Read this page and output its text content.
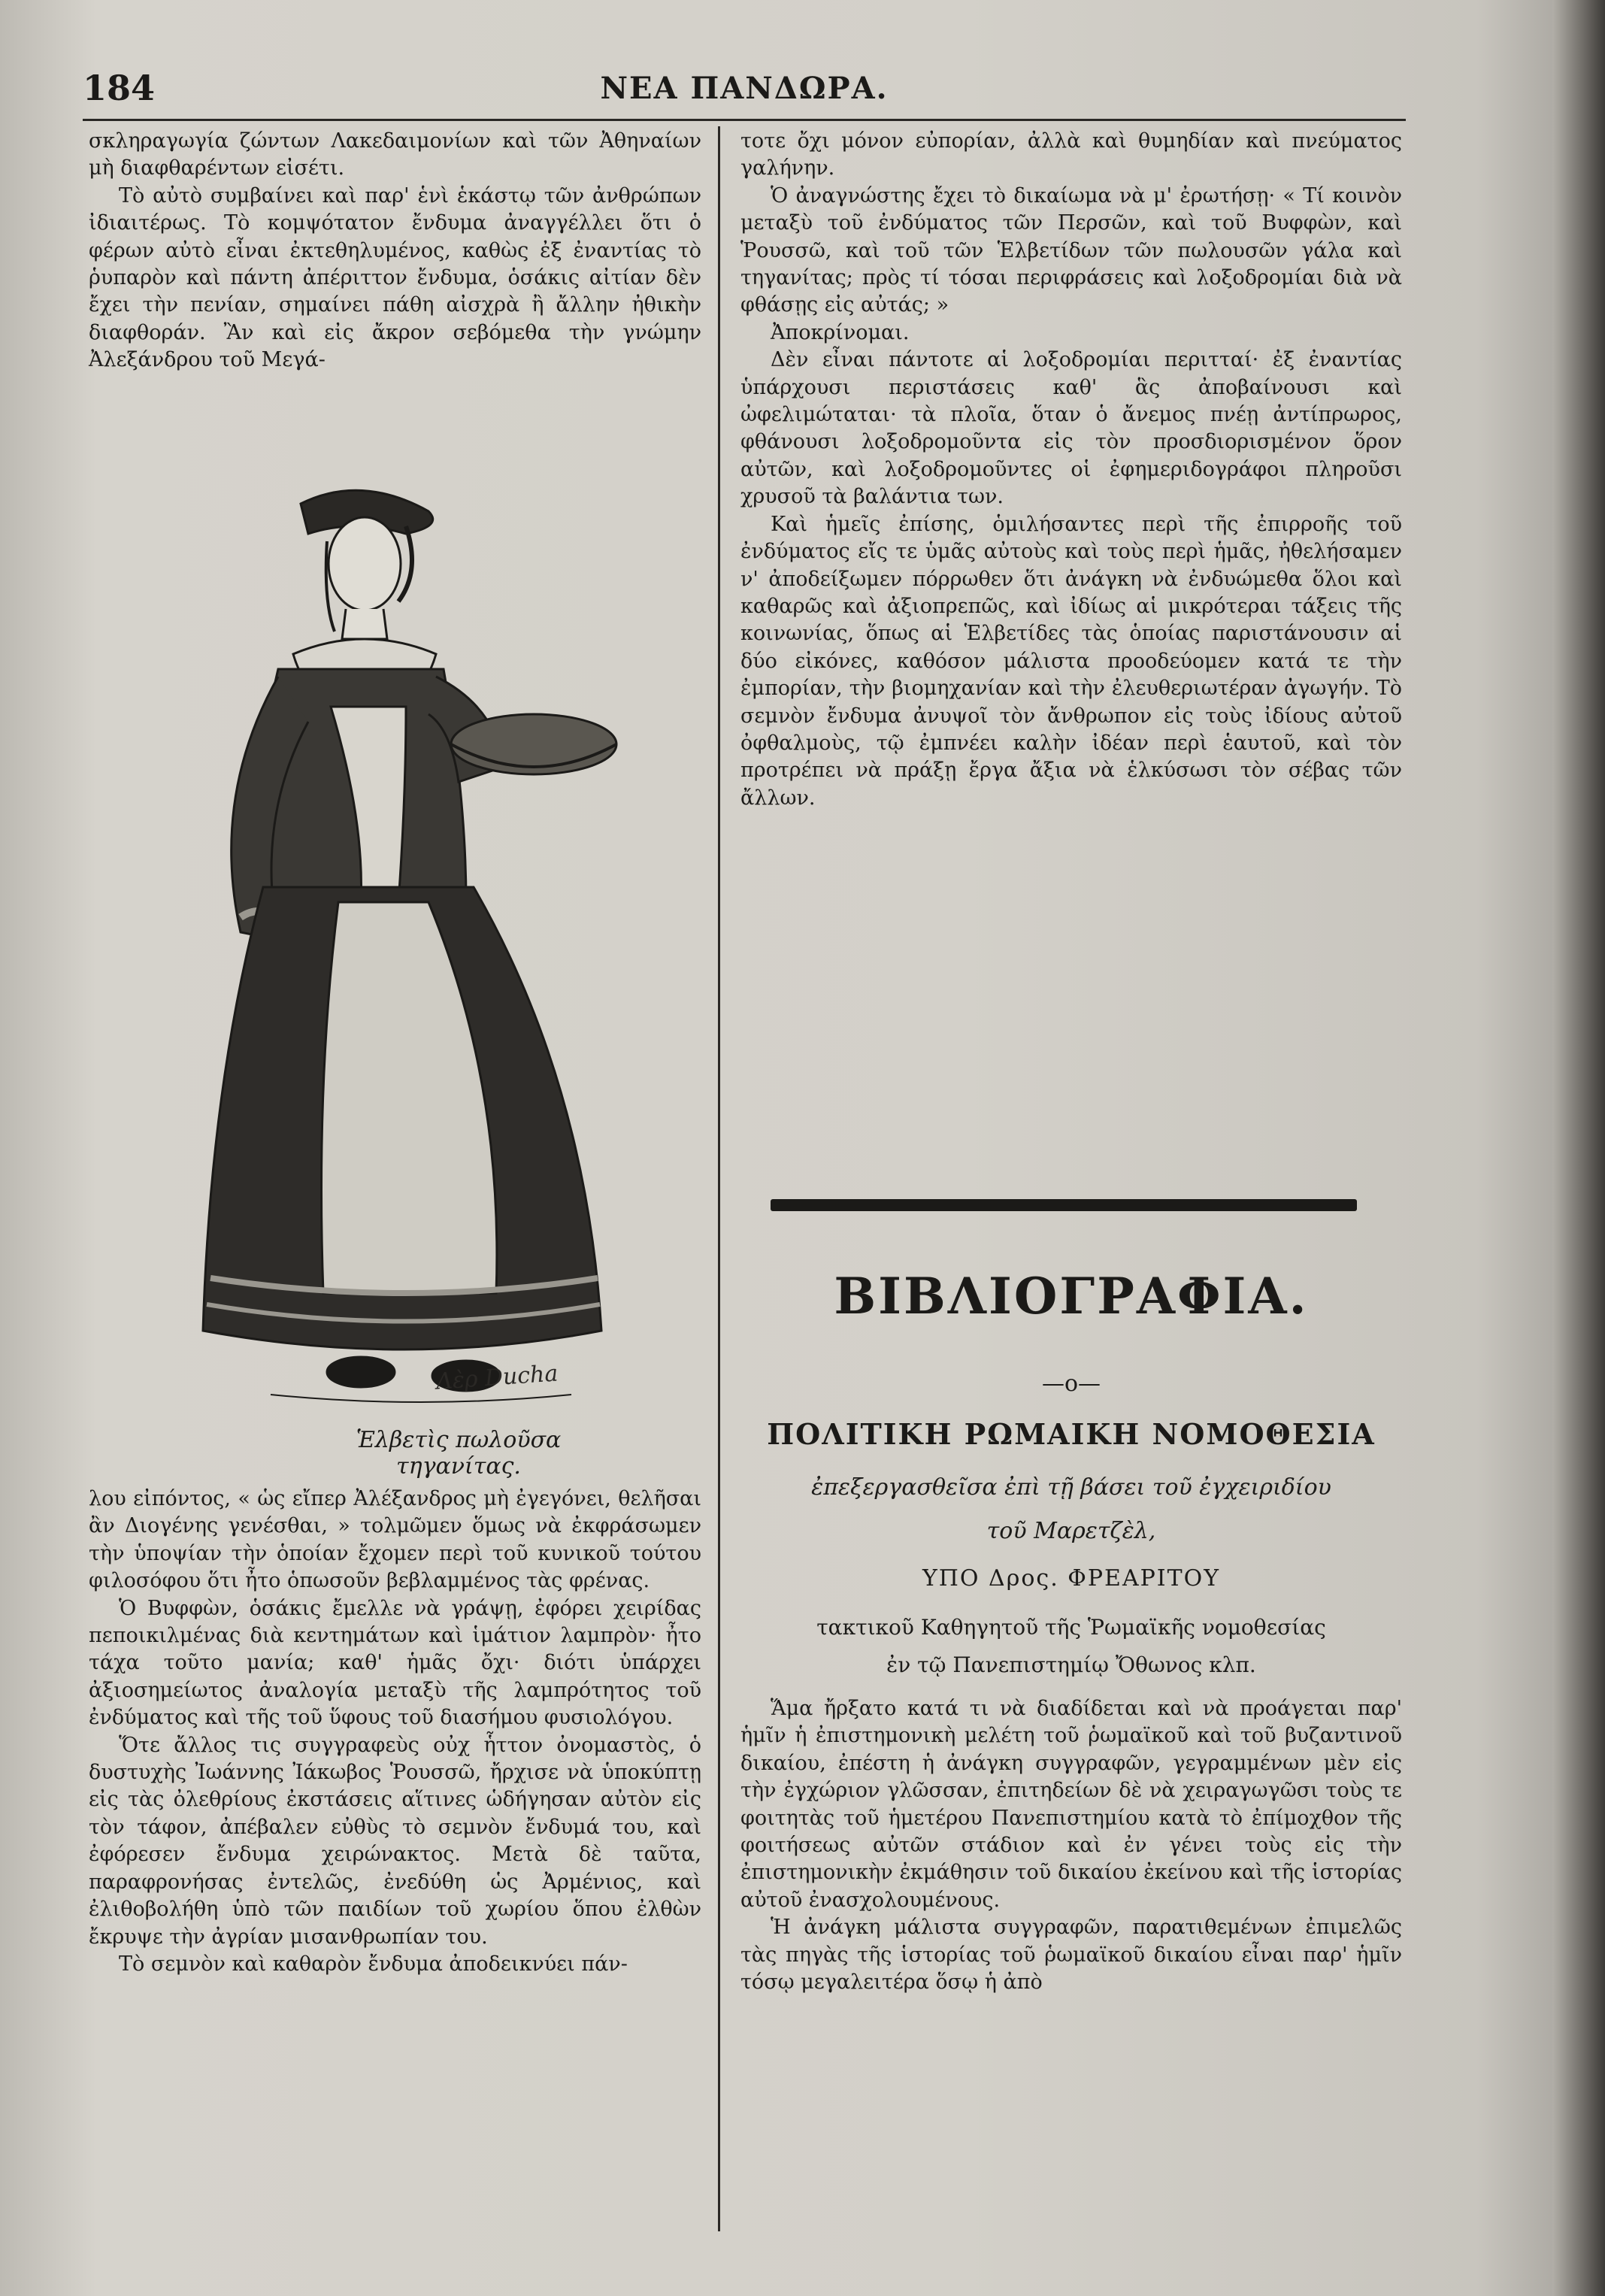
184	ΝΕΑ ΠΑΝΔΩΡΑ.

σκληραγωγία ζώντων Λακεδαιμονίων καὶ τῶν Ἀθηναίων μὴ διαφθαρέντων εἰσέτι.

Τὸ αὐτὸ συμβαίνει καὶ παρ' ἑνὶ ἑκάστῳ τῶν ἀνθρώπων ἰδιαιτέρως. Τὸ κομψότατον ἔνδυμα ἀναγγέλλει ὅτι ὁ φέρων αὐτὸ εἶναι ἐκτεθηλυμένος, καθὼς ἐξ ἐναντίας τὸ ῥυπαρὸν καὶ πάντη ἀπέριττον ἔνδυμα, ὁσάκις αἰτίαν δὲν ἔχει τὴν πενίαν, σημαίνει πάθη αἰσχρὰ ἢ ἄλλην ἠθικὴν διαφθοράν. Ἂν καὶ εἰς ἄκρον σεβόμεθα τὴν γνώμην Ἀλεξάνδρου τοῦ Μεγά-

Λὲρ Ducha
Ἑλβετὶς πωλοῦσα τηγανίτας.

λου εἰπόντος, « ὡς εἴπερ Ἀλέξανδρος μὴ ἐγεγόνει, θελῆσαι ἂν Διογένης γενέσθαι, » τολμῶμεν ὅμως νὰ ἐκφράσωμεν τὴν ὑποψίαν τὴν ὁποίαν ἔχομεν περὶ τοῦ κυνικοῦ τούτου φιλοσόφου ὅτι ἦτο ὁπωσοῦν βεβλαμμένος τὰς φρένας.

Ὁ Βυφφὼν, ὁσάκις ἔμελλε νὰ γράψῃ, ἐφόρει χειρίδας πεποικιλμένας διὰ κεντημάτων καὶ ἱμάτιον λαμπρὸν· ἦτο τάχα τοῦτο μανία; καθ' ἡμᾶς ὄχι· διότι ὑπάρχει ἀξιοσημείωτος ἀναλογία μεταξὺ τῆς λαμπρότητος τοῦ ἐνδύματος καὶ τῆς τοῦ ὕφους τοῦ διασήμου φυσιολόγου.

Ὅτε ἄλλος τις συγγραφεὺς οὐχ ἧττον ὀνομαστὸς, ὁ δυστυχὴς Ἰωάννης Ἰάκωβος Ῥουσσῶ, ἤρχισε νὰ ὑποκύπτῃ εἰς τὰς ὀλεθρίους ἐκστάσεις αἵτινες ὡδήγησαν αὐτὸν εἰς τὸν τάφον, ἀπέβαλεν εὐθὺς τὸ σεμνὸν ἔνδυμά του, καὶ ἐφόρεσεν ἔνδυμα χειρώνακτος. Μετὰ δὲ ταῦτα, παραφρονήσας ἐντελῶς, ἐνεδύθη ὡς Ἀρμένιος, καὶ ἐλιθοβολήθη ὑπὸ τῶν παιδίων τοῦ χωρίου ὅπου ἐλθὼν ἔκρυψε τὴν ἀγρίαν μισανθρωπίαν του.

Τὸ σεμνὸν καὶ καθαρὸν ἔνδυμα ἀποδεικνύει πάν-

τοτε ὄχι μόνον εὐπορίαν, ἀλλὰ καὶ θυμηδίαν καὶ πνεύματος γαλήνην.

Ὁ ἀναγνώστης ἔχει τὸ δικαίωμα νὰ μ' ἐρωτήσῃ· « Τί κοινὸν μεταξὺ τοῦ ἐνδύματος τῶν Περσῶν, καὶ τοῦ Βυφφὼν, καὶ Ῥουσσῶ, καὶ τοῦ τῶν Ἑλβετίδων τῶν πωλουσῶν γάλα καὶ τηγανίτας; πρὸς τί τόσαι περιφράσεις καὶ λοξοδρομίαι διὰ νὰ φθάσῃς εἰς αὐτάς; »

Ἀποκρίνομαι.

Δὲν εἶναι πάντοτε αἱ λοξοδρομίαι περιτταί· ἐξ ἐναντίας ὑπάρχουσι περιστάσεις καθ' ἃς ἀποβαίνουσι καὶ ὠφελιμώταται· τὰ πλοῖα, ὅταν ὁ ἄνεμος πνέῃ ἀντίπρωρος, φθάνουσι λοξοδρομοῦντα εἰς τὸν προσδιορισμένον ὅρον αὐτῶν, καὶ λοξοδρομοῦντες οἱ ἐφημεριδογράφοι πληροῦσι χρυσοῦ τὰ βαλάντια των.

Καὶ ἡμεῖς ἐπίσης, ὁμιλήσαντες περὶ τῆς ἐπιρροῆς τοῦ ἐνδύματος εἴς τε ὑμᾶς αὐτοὺς καὶ τοὺς περὶ ἡμᾶς, ἠθελήσαμεν ν' ἀποδείξωμεν πόρρωθεν ὅτι ἀνάγκη νὰ ἐνδυώμεθα ὅλοι καὶ καθαρῶς καὶ ἀξιοπρεπῶς, καὶ ἰδίως αἱ μικρότεραι τάξεις τῆς κοινωνίας, ὅπως αἱ Ἑλβετίδες τὰς ὁποίας παριστάνουσιν αἱ δύο εἰκόνες, καθόσον μάλιστα προοδεύομεν κατά τε τὴν ἐμπορίαν, τὴν βιομηχανίαν καὶ τὴν ἐλευθεριωτέραν ἀγωγήν. Τὸ σεμνὸν ἔνδυμα ἀνυψοῖ τὸν ἄνθρωπον εἰς τοὺς ἰδίους αὐτοῦ ὀφθαλμοὺς, τῷ ἐμπνέει καλὴν ἰδέαν περὶ ἑαυτοῦ, καὶ τὸν προτρέπει νὰ πράξῃ ἔργα ἄξια νὰ ἑλκύσωσι τὸν σέβας τῶν ἄλλων.

ΒΙΒΛΙΟΓΡΑΦΙΑ.
—o—
ΠΟΛΙΤΙΚΗ ΡΩΜΑΙΚΗ ΝΟΜΟΘΕΣΙΑ
ἐπεξεργασθεῖσα ἐπὶ τῇ βάσει τοῦ ἐγχειριδίου
τοῦ Μαρετζὲλ,
ΥΠΟ Δρος. ΦΡΕΑΡΙΤΟΥ
τακτικοῦ Καθηγητοῦ τῆς Ῥωμαϊκῆς νομοθεσίας
ἐν τῷ Πανεπιστημίῳ Ὄθωνος κλπ.

Ἅμα ἤρξατο κατά τι νὰ διαδίδεται καὶ νὰ προάγεται παρ' ἡμῖν ἡ ἐπιστημονικὴ μελέτη τοῦ ῥωμαϊκοῦ καὶ τοῦ βυζαντινοῦ δικαίου, ἐπέστη ἡ ἀνάγκη συγγραφῶν, γεγραμμένων μὲν εἰς τὴν ἐγχώριον γλῶσσαν, ἐπιτηδείων δὲ νὰ χειραγωγῶσι τοὺς τε φοιτητὰς τοῦ ἡμετέρου Πανεπιστημίου κατὰ τὸ ἐπίμοχθον τῆς φοιτήσεως αὐτῶν στάδιον καὶ ἐν γένει τοὺς εἰς τὴν ἐπιστημονικὴν ἐκμάθησιν τοῦ δικαίου ἐκείνου καὶ τῆς ἱστορίας αὐτοῦ ἐνασχολουμένους.

Ἡ ἀνάγκη μάλιστα συγγραφῶν, παρατιθεμένων ἐπιμελῶς τὰς πηγὰς τῆς ἱστορίας τοῦ ῥωμαϊκοῦ δικαίου εἶναι παρ' ἡμῖν τόσῳ μεγαλειτέρα ὅσῳ ἡ ἀπὸ
